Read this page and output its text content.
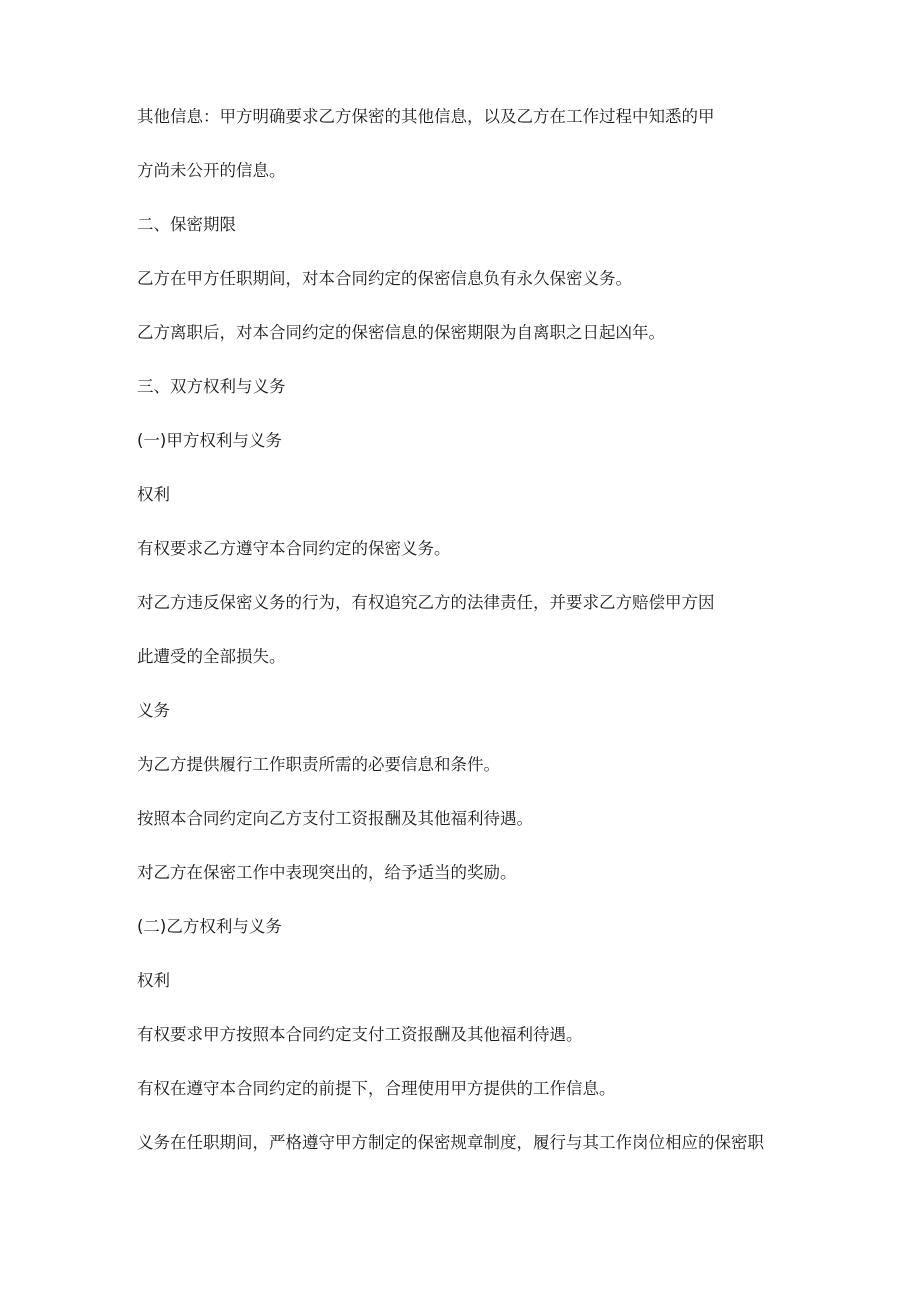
其他信息：甲方明确要求乙方保密的其他信息，以及乙方在工作过程中知悉的甲
方尚未公开的信息。
二、保密期限
乙方在甲方任职期间，对本合同约定的保密信息负有永久保密义务。
乙方离职后，对本合同约定的保密信息的保密期限为自离职之日起凶年。
三、双方权利与义务
(一)甲方权利与义务
权利
有权要求乙方遵守本合同约定的保密义务。
对乙方违反保密义务的行为，有权追究乙方的法律责任，并要求乙方赔偿甲方因
此遭受的全部损失。
义务
为乙方提供履行工作职责所需的必要信息和条件。
按照本合同约定向乙方支付工资报酬及其他福利待遇。
对乙方在保密工作中表现突出的，给予适当的奖励。
(二)乙方权利与义务
权利
有权要求甲方按照本合同约定支付工资报酬及其他福利待遇。
有权在遵守本合同约定的前提下，合理使用甲方提供的工作信息。
义务在任职期间，严格遵守甲方制定的保密规章制度，履行与其工作岗位相应的保密职
